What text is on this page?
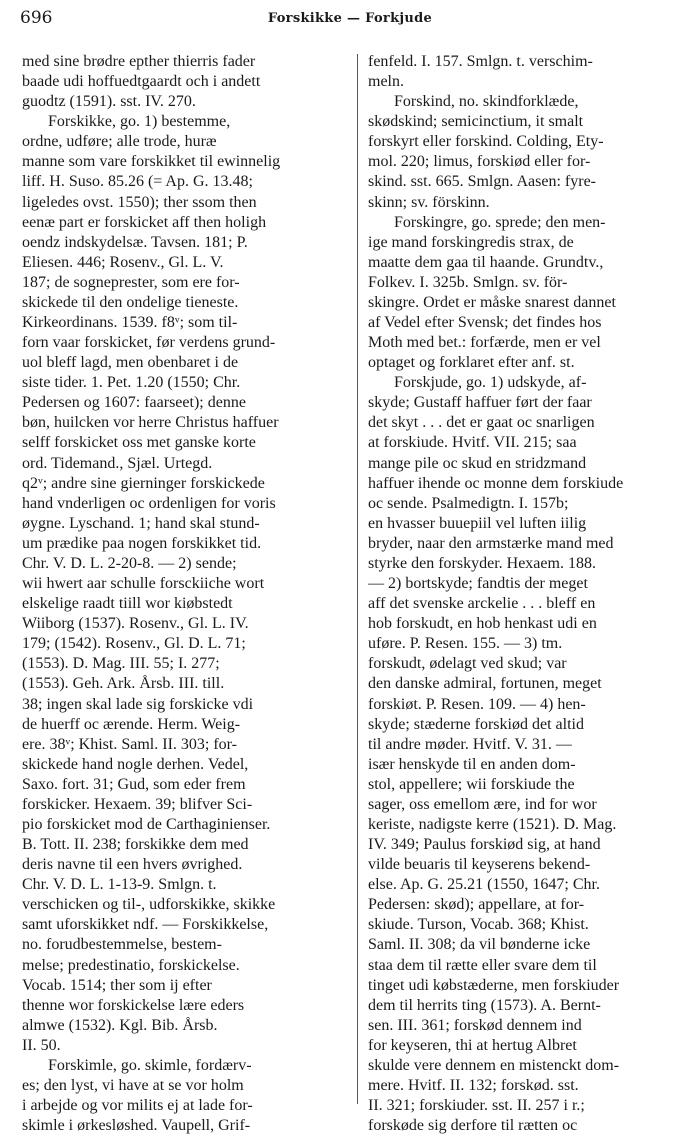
696	Forskikke — Forkjude
med sine brødre epther thierris fader
baade udi hoffuedtgaardt och i andett
guodtz (1591). sst. IV. 270.
Forskikke, go. 1) bestemme,
ordne, udføre; alle trode, huræ
manne som vare forskikket til ewinnelig
liff. H. Suso. 85.26 (= Ap. G. 13.48;
ligeledes ovst. 1550); ther ssom then
eenæ part er forskicket aff then holigh
oendz indskydelsæ. Tavsen. 181; P.
Eliesen. 446; Rosenv., Gl. L. V.
187; de sogneprester, som ere for-
skickede til den ondelige tieneste.
Kirkeordinans. 1539. f8ᵛ; som til-
forn vaar forskicket, før verdens grund-
uol bleff lagd, men obenbaret i de
siste tider. 1. Pet. 1.20 (1550; Chr.
Pedersen og 1607: faarseet); denne
bøn, huilcken vor herre Christus haffuer
selff forskicket oss met ganske korte
ord. Tidemand., Sjæl. Urtegd.
q2ᵛ; andre sine gierninger forskickede
hand vnderligen oc ordenligen for voris
øygne. Lyschand. 1; hand skal stund-
um prædike paa nogen forskikket tid.
Chr. V. D. L. 2-20-8. — 2) sende;
wii hwert aar schulle forsckiiche wort
elskelige raadt tiill wor kiøbstedt
Wiiborg (1537). Rosenv., Gl. L. IV.
179; (1542). Rosenv., Gl. D. L. 71;
(1553). D. Mag. III. 55; I. 277;
(1553). Geh. Ark. Årsb. III. till.
38; ingen skal lade sig forskicke vdi
de huerff oc ærende. Herm. Weig-
ere. 38ᵛ; Khist. Saml. II. 303; for-
skickede hand nogle derhen. Vedel,
Saxo. fort. 31; Gud, som eder frem
forskicker. Hexaem. 39; blifver Sci-
pio forskicket mod de Carthaginienser.
B. Tott. II. 238; forskikke dem med
deris navne til een hvers øvrighed.
Chr. V. D. L. 1-13-9. Smlgn. t.
verschicken og til-, udforskikke, skikke
samt uforskikket ndf. — Forskikkelse,
no. forudbestemmelse, bestem-
melse; predestinatio, forskickelse.
Vocab. 1514; ther som ij efter
thenne wor forskickelse lære eders
almwe (1532). Kgl. Bib. Årsb.
II. 50.
Forskimle, go. skimle, fordærv-
es; den lyst, vi have at se vor holm
i arbejde og vor milits ej at lade for-
skimle i ørkesløshed. Vaupell, Grif-
fenfeld. I. 157. Smlgn. t. verschim-
meln.
Forskind, no. skindforklæde,
skødskind; semicinctium, it smalt
forskyrt eller forskind. Colding, Ety-
mol. 220; limus, forskiød eller for-
skind. sst. 665. Smlgn. Aasen: fyre-
skinn; sv. förskinn.
Forskingre, go. sprede; den men-
ige mand forskingredis strax, de
maatte dem gaa til haande. Grundtv.,
Folkev. I. 325b. Smlgn. sv. för-
skingre. Ordet er måske snarest dannet
af Vedel efter Svensk; det findes hos
Moth med bet.: forfærde, men er vel
optaget og forklaret efter anf. st.
Forskjude, go. 1) udskyde, af-
skyde; Gustaff haffuer ført der faar
det skyt . . . det er gaat oc snarligen
at forskiude. Hvitf. VII. 215; saa
mange pile oc skud en stridzmand
haffuer ihende oc monne dem forskiude
oc sende. Psalmedigtn. I. 157b;
en hvasser buuepiil vel luften iilig
bryder, naar den armstærke mand med
styrke den forskyder. Hexaem. 188.
— 2) bortskyde; fandtis der meget
aff det svenske arckelie . . . bleff en
hob forskudt, en hob henkast udi en
uføre. P. Resen. 155. — 3) tm.
forskudt, ødelagt ved skud; var
den danske admiral, fortunen, meget
forskiøt. P. Resen. 109. — 4) hen-
skyde; stæderne forskiød det altid
til andre møder. Hvitf. V. 31. —
især henskyde til en anden dom-
stol, appellere; wii forskiude the
sager, oss emellom ære, ind for wor
keriste, nadigste kerre (1521). D. Mag.
IV. 349; Paulus forskiød sig, at hand
vilde beuaris til keyserens bekend-
else. Ap. G. 25.21 (1550, 1647; Chr.
Pedersen: skød); appellare, at for-
skiude. Turson, Vocab. 368; Khist.
Saml. II. 308; da vil bønderne icke
staa dem til rætte eller svare dem til
tinget udi købstæderne, men forskiuder
dem til herrits ting (1573). A. Bernt-
sen. III. 361; forskød dennem ind
for keyseren, thi at hertug Albret
skulde vere dennem en mistenckt dom-
mere. Hvitf. II. 132; forskød. sst.
II. 321; forskiuder. sst. II. 257 i r.;
forskøde sig derfore til rætten oc
